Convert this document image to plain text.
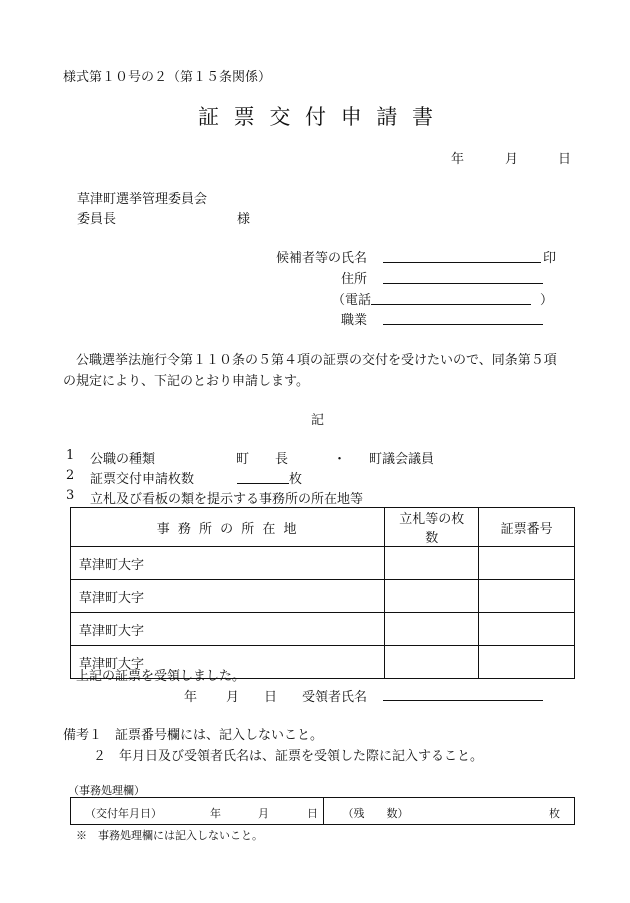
様式第１０号の２（第１５条関係）
証 票 交 付 申 請 書
年	月	日
草津町選挙管理委員会
委員長	様
候補者等の氏名	印
住所
（電話	）
職業
公職選挙法施行令第１１０条の５第４項の証票の交付を受けたいので、同条第５項
の規定により、下記のとおり申請します。
記
1 公職の種類	町　　長	・ 町議会議員
2 証票交付申請枚数	枚
3 立札及び看板の類を提示する事務所の所在地等
事 務 所 の 所 在 地	立札等の枚数	証票番号
草津町大字		
草津町大字		
草津町大字		
草津町大字		
上記の証票を受領しました。
年 月 日 受領者氏名
備考１　証票番号欄には、記入しないこと。
２　年月日及び受領者氏名は、証票を受領した際に記入すること。
（事務処理欄）
（交付年月日）	年	月	日	（残　　数）	枚
※　事務処理欄には記入しないこと。
